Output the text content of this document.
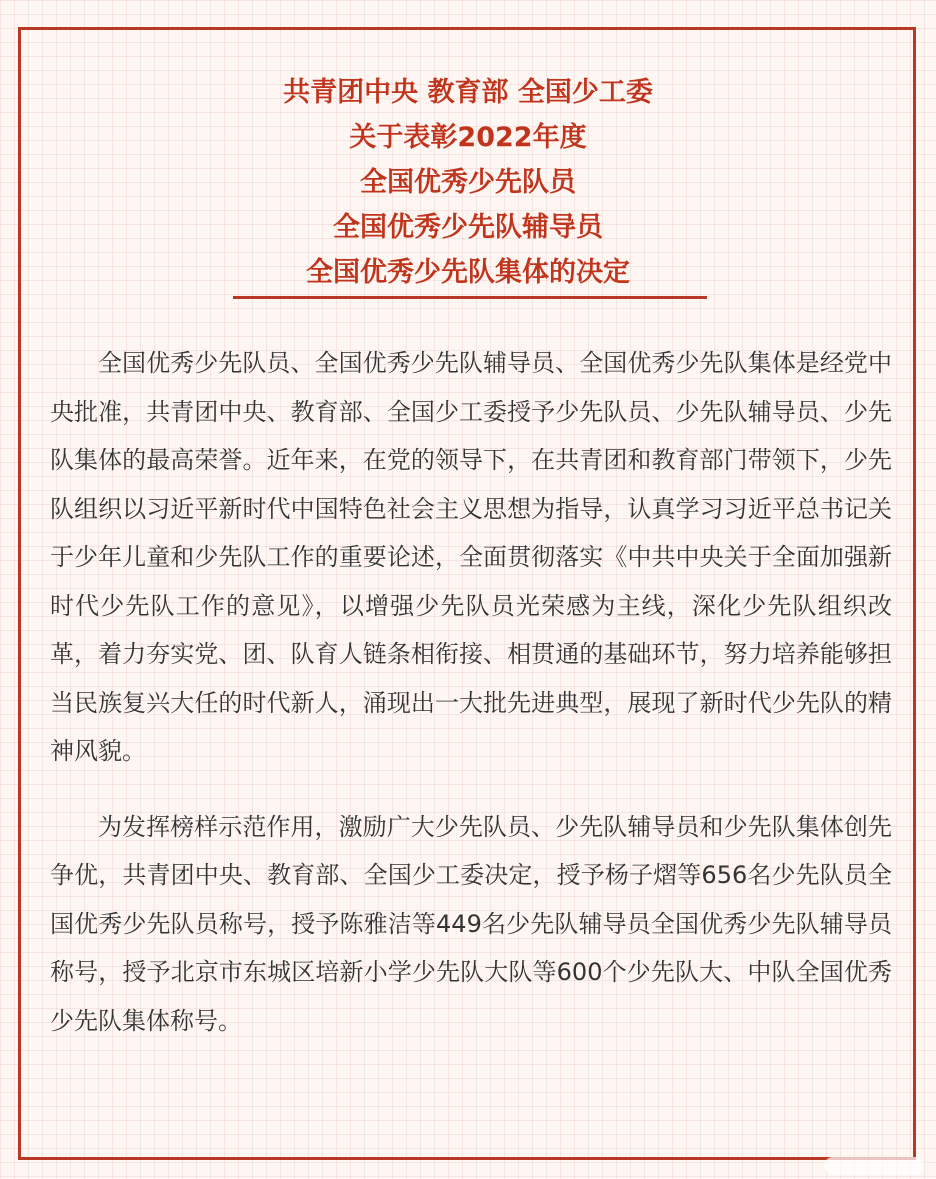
共青团中央 教育部 全国少工委
关于表彰2022年度
全国优秀少先队员
全国优秀少先队辅导员
全国优秀少先队集体的决定

全国优秀少先队员、全国优秀少先队辅导员、全国优秀少先队集体是经党中央批准，共青团中央、教育部、全国少工委授予少先队员、少先队辅导员、少先队集体的最高荣誉。近年来，在党的领导下，在共青团和教育部门带领下，少先队组织以习近平新时代中国特色社会主义思想为指导，认真学习习近平总书记关于少年儿童和少先队工作的重要论述，全面贯彻落实《中共中央关于全面加强新时代少先队工作的意见》，以增强少先队员光荣感为主线，深化少先队组织改革，着力夯实党、团、队育人链条相衔接、相贯通的基础环节，努力培养能够担当民族复兴大任的时代新人，涌现出一大批先进典型，展现了新时代少先队的精神风貌。

为发挥榜样示范作用，激励广大少先队员、少先队辅导员和少先队集体创先争优，共青团中央、教育部、全国少工委决定，授予杨子熠等656名少先队员全国优秀少先队员称号，授予陈雅洁等449名少先队辅导员全国优秀少先队辅导员称号，授予北京市东城区培新小学少先队大队等600个少先队大、中队全国优秀少先队集体称号。
